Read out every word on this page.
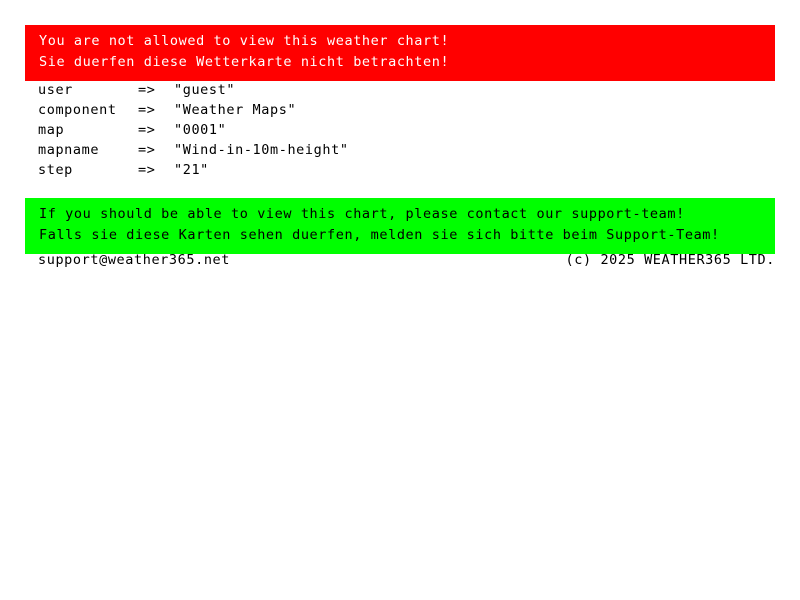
You are not allowed to view this weather chart!
Sie duerfen diese Wetterkarte nicht betrachten!
user	=>	"guest"
component	=>	"Weather Maps"
map	=>	"0001"
mapname	=>	"Wind-in-10m-height"
step	=>	"21"
If you should be able to view this chart, please contact our support-team!
Falls sie diese Karten sehen duerfen, melden sie sich bitte beim Support-Team!
support@weather365.net	(c) 2025 WEATHER365 LTD.
